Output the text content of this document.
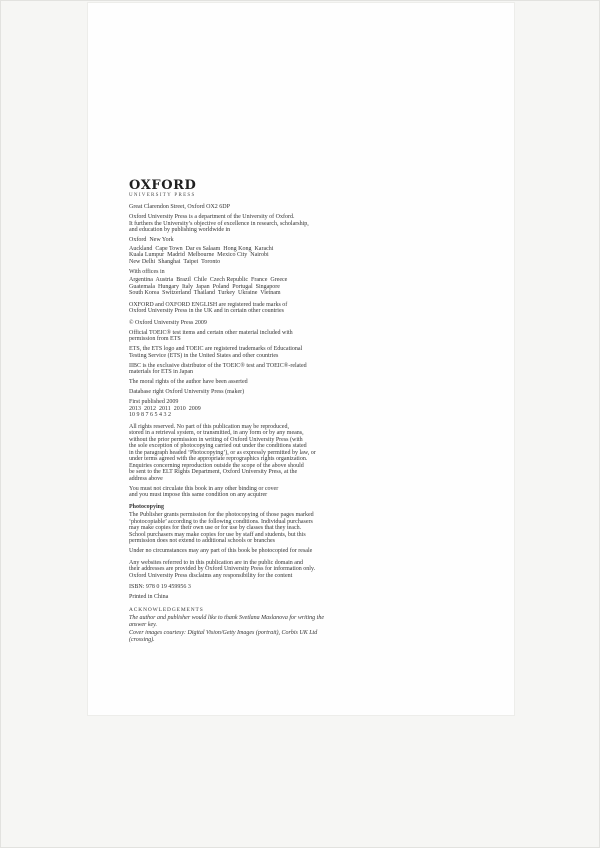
OXFORD
UNIVERSITY PRESS

Great Clarendon Street, Oxford OX2 6DP

Oxford University Press is a department of the University of Oxford.
It furthers the University’s objective of excellence in research, scholarship,
and education by publishing worldwide in

Oxford  New York

Auckland  Cape Town  Dar es Salaam  Hong Kong  Karachi
Kuala Lumpur  Madrid  Melbourne  Mexico City  Nairobi
New Delhi  Shanghai  Taipei  Toronto

With offices in

Argentina  Austria  Brazil  Chile  Czech Republic  France  Greece
Guatemala  Hungary  Italy  Japan  Poland  Portugal  Singapore
South Korea  Switzerland  Thailand  Turkey  Ukraine  Vietnam

OXFORD and OXFORD ENGLISH are registered trade marks of
Oxford University Press in the UK and in certain other countries

© Oxford University Press 2009

Official TOEIC® test items and certain other material included with
permission from ETS

ETS, the ETS logo and TOEIC are registered trademarks of Educational
Testing Service (ETS) in the United States and other countries

IIBC is the exclusive distributor of the TOEIC® test and TOEIC®-related
materials for ETS in Japan

The moral rights of the author have been asserted

Database right Oxford University Press (maker)

First published 2009
2013  2012  2011  2010  2009
10 9 8 7 6 5 4 3 2

All rights reserved. No part of this publication may be reproduced,
stored in a retrieval system, or transmitted, in any form or by any means,
without the prior permission in writing of Oxford University Press (with
the sole exception of photocopying carried out under the conditions stated
in the paragraph headed ‘Photocopying’), or as expressly permitted by law, or
under terms agreed with the appropriate reprographics rights organization.
Enquiries concerning reproduction outside the scope of the above should
be sent to the ELT Rights Department, Oxford University Press, at the
address above

You must not circulate this book in any other binding or cover
and you must impose this same condition on any acquirer

Photocopying

The Publisher grants permission for the photocopying of those pages marked
‘photocopiable’ according to the following conditions. Individual purchasers
may make copies for their own use or for use by classes that they teach.
School purchasers may make copies for use by staff and students, but this
permission does not extend to additional schools or branches

Under no circumstances may any part of this book be photocopied for resale

Any websites referred to in this publication are in the public domain and
their addresses are provided by Oxford University Press for information only.
Oxford University Press disclaims any responsibility for the content

ISBN: 978 0 19 459956 3

Printed in China

ACKNOWLEDGEMENTS

The author and publisher would like to thank Svetlana Maslanova for writing the
answer key.

Cover images courtesy: Digital Vision/Getty Images (portrait), Corbis UK Ltd
(crossing).
